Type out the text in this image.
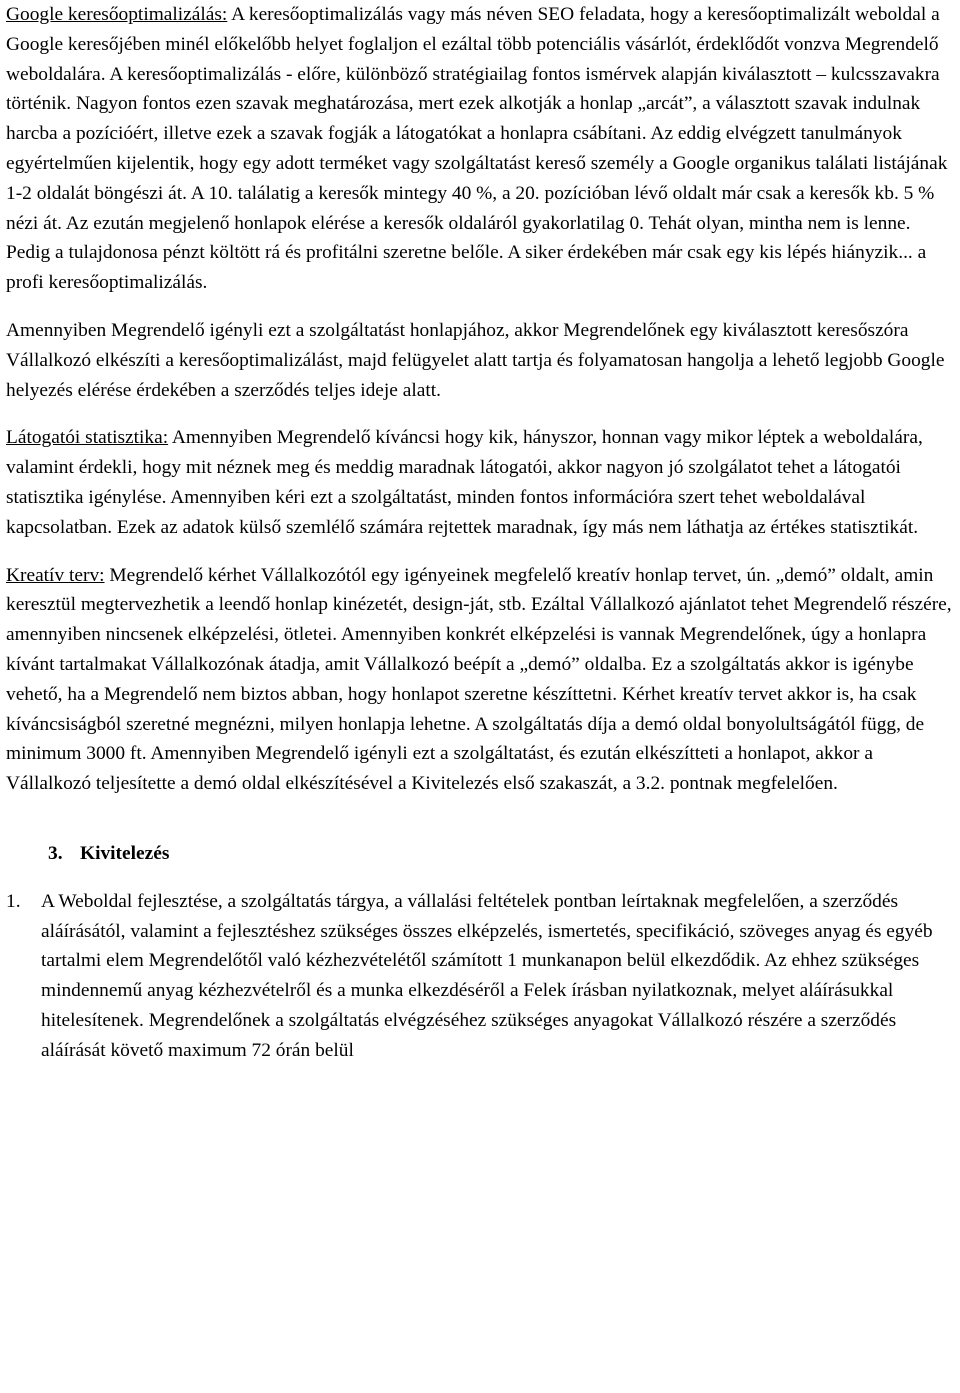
Google keresőoptimalizálás: A keresőoptimalizálás vagy más néven SEO feladata, hogy a keresőoptimalizált weboldal a Google keresőjében minél előkelőbb helyet foglaljon el ezáltal több potenciális vásárlót, érdeklődőt vonzva Megrendelő weboldalára. A keresőoptimalizálás - előre, különböző stratégiailag fontos ismérvek alapján kiválasztott – kulcsszavakra történik. Nagyon fontos ezen szavak meghatározása, mert ezek alkotják a honlap „arcát”, a választott szavak indulnak harcba a pozícióért, illetve ezek a szavak fogják a látogatókat a honlapra csábítani. Az eddig elvégzett tanulmányok egyértelműen kijelentik, hogy egy adott terméket vagy szolgáltatást kereső személy a Google organikus találati listájának 1-2 oldalát böngészi át. A 10. találatig a keresők mintegy 40 %, a 20. pozícióban lévő oldalt már csak a keresők kb. 5 % nézi át. Az ezután megjelenő honlapok elérése a keresők oldaláról gyakorlatilag 0. Tehát olyan, mintha nem is lenne. Pedig a tulajdonosa pénzt költött rá és profitálni szeretne belőle. A siker érdekében már csak egy kis lépés hiányzik... a profi keresőoptimalizálás.

Amennyiben Megrendelő igényli ezt a szolgáltatást honlapjához, akkor Megrendelőnek egy kiválasztott keresőszóra Vállalkozó elkészíti a keresőoptimalizálást, majd felügyelet alatt tartja és folyamatosan hangolja a lehető legjobb Google helyezés elérése érdekében a szerződés teljes ideje alatt.

Látogatói statisztika: Amennyiben Megrendelő kíváncsi hogy kik, hányszor, honnan vagy mikor léptek a weboldalára, valamint érdekli, hogy mit néznek meg és meddig maradnak látogatói, akkor nagyon jó szolgálatot tehet a látogatói statisztika igénylése. Amennyiben kéri ezt a szolgáltatást, minden fontos információra szert tehet weboldalával kapcsolatban. Ezek az adatok külső szemlélő számára rejtettek maradnak, így más nem láthatja az értékes statisztikát.

Kreatív terv: Megrendelő kérhet Vállalkozótól egy igényeinek megfelelő kreatív honlap tervet, ún. „demó” oldalt, amin keresztül megtervezhetik a leendő honlap kinézetét, design-ját, stb. Ezáltal Vállalkozó ajánlatot tehet Megrendelő részére, amennyiben nincsenek elképzelési, ötletei. Amennyiben konkrét elképzelési is vannak Megrendelőnek, úgy a honlapra kívánt tartalmakat Vállalkozónak átadja, amit Vállalkozó beépít a „demó” oldalba. Ez a szolgáltatás akkor is igénybe vehető, ha a Megrendelő nem biztos abban, hogy honlapot szeretne készíttetni. Kérhet kreatív tervet akkor is, ha csak kíváncsiságból szeretné megnézni, milyen honlapja lehetne. A szolgáltatás díja a demó oldal bonyolultságától függ, de minimum 3000 ft. Amennyiben Megrendelő igényli ezt a szolgáltatást, és ezután elkészítteti a honlapot, akkor a Vállalkozó teljesítette a demó oldal elkészítésével a Kivitelezés első szakaszát, a 3.2. pontnak megfelelően.

3. Kivitelezés

1. A Weboldal fejlesztése, a szolgáltatás tárgya, a vállalási feltételek pontban leírtaknak megfelelően, a szerződés aláírásától, valamint a fejlesztéshez szükséges összes elképzelés, ismertetés, specifikáció, szöveges anyag és egyéb tartalmi elem Megrendelőtől való kézhezvételétől számított 1 munkanapon belül elkezdődik. Az ehhez szükséges mindennemű anyag kézhezvételről és a munka elkezdéséről a Felek írásban nyilatkoznak, melyet aláírásukkal hitelesítenek. Megrendelőnek a szolgáltatás elvégzéséhez szükséges anyagokat Vállalkozó részére a szerződés aláírását követő maximum 72 órán belül
